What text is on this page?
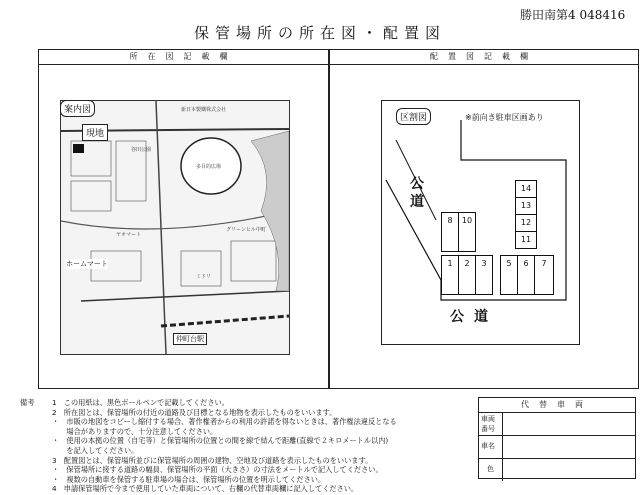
保管場所の所在図・配置図
勝田南第4 048416
所在図記載欄
新日本製鐵株式会社
谷田公園
多目的広場
グリーンヒル中町
ヤオマート
ホームマート
ミドリ
仲町台駅
案内図
現地
配置図記載欄
区割図	※前向き駐車区画あり
公道
公道
1	2	3	5	6	7
8	10
14
13
12
11
備考 1　この用紙は、黒色ボールペンで記載してください。
2　所在図とは、保管場所の付近の道路及び目標となる地物を表示したものをいいます。
・　市販の地図をコピーし縮付する場合、著作権者からの利用の許諾を得ないときは、著作権法違反となる
　　場合がありますので、十分注意してください。
・　使用の本拠の位置（自宅等）と保管場所の位置との間を線で結んで距離(直線で２キロメートル以内)
　　を記入してください。
3　配置図とは、保管場所並びに保管場所の周囲の建物、空地及び道路を表示したものをいいます。
・　保管場所に接する道路の幅員、保管場所の平面（大きさ）の寸法をメートルで記入してください。
・　複数の自動車を保管する駐車場の場合は、保管場所の位置を明示してください。
4　申請保管場所で今まで使用していた車両について、右欄の代替車両欄に記入してください。
代替車両
車両番号
車名
色
